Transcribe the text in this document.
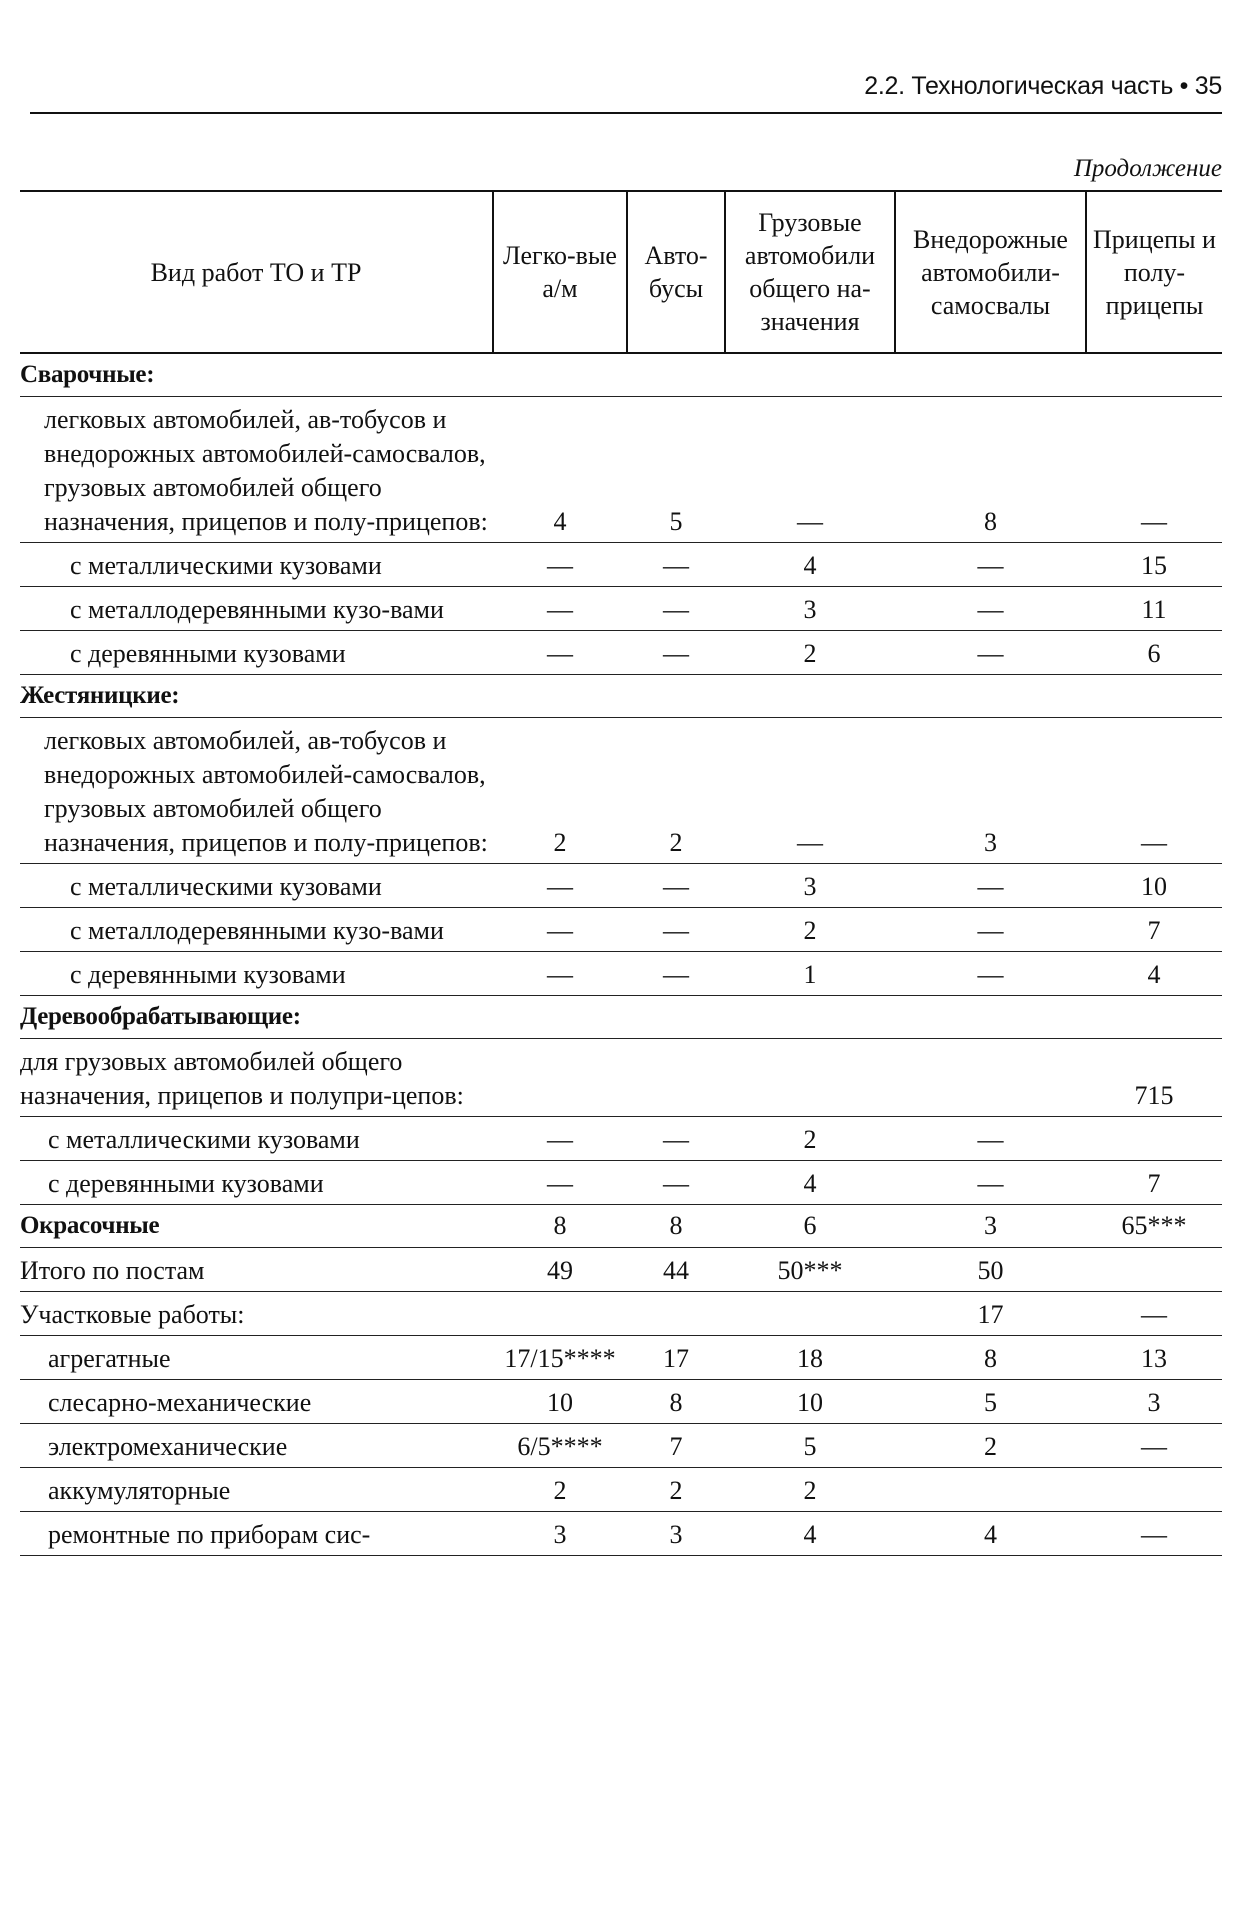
2.2. Технологическая часть • 35
Продолжение
Вид работ ТО и ТР	Легко-вые а/м	Авто-бусы	Грузовые автомобили общего на-значения	Внедорожные автомобили-самосвалы	Прицепы и полу-прицепы
Сварочные:					
легковых автомобилей, ав-тобусов и внедорожных автомобилей-самосвалов, грузовых автомобилей общего назначения, прицепов и полу-прицепов:	4	5	—	8	—
с металлическими кузовами	—	—	4	—	15
с металлодеревянными кузо-вами	—	—	3	—	11
с деревянными кузовами	—	—	2	—	6
Жестяницкие:					
легковых автомобилей, ав-тобусов и внедорожных автомобилей-самосвалов, грузовых автомобилей общего назначения, прицепов и полу-прицепов:	2	2	—	3	—
с металлическими кузовами	—	—	3	—	10
с металлодеревянными кузо-вами	—	—	2	—	7
с деревянными кузовами	—	—	1	—	4
Деревообрабатывающие:					
для грузовых автомобилей общего назначения, прицепов и полупри-цепов:					715
с металлическими кузовами	—	—	2	—	
с деревянными кузовами	—	—	4	—	7
Окрасочные	8	8	6	3	65***
Итого по постам	49	44	50***	50	
Участковые работы:				17	—
агрегатные	17/15****	17	18	8	13
слесарно-механические	10	8	10	5	3
электромеханические	6/5****	7	5	2	—
аккумуляторные	2	2	2		
ремонтные по приборам сис-	3	3	4	4	—
